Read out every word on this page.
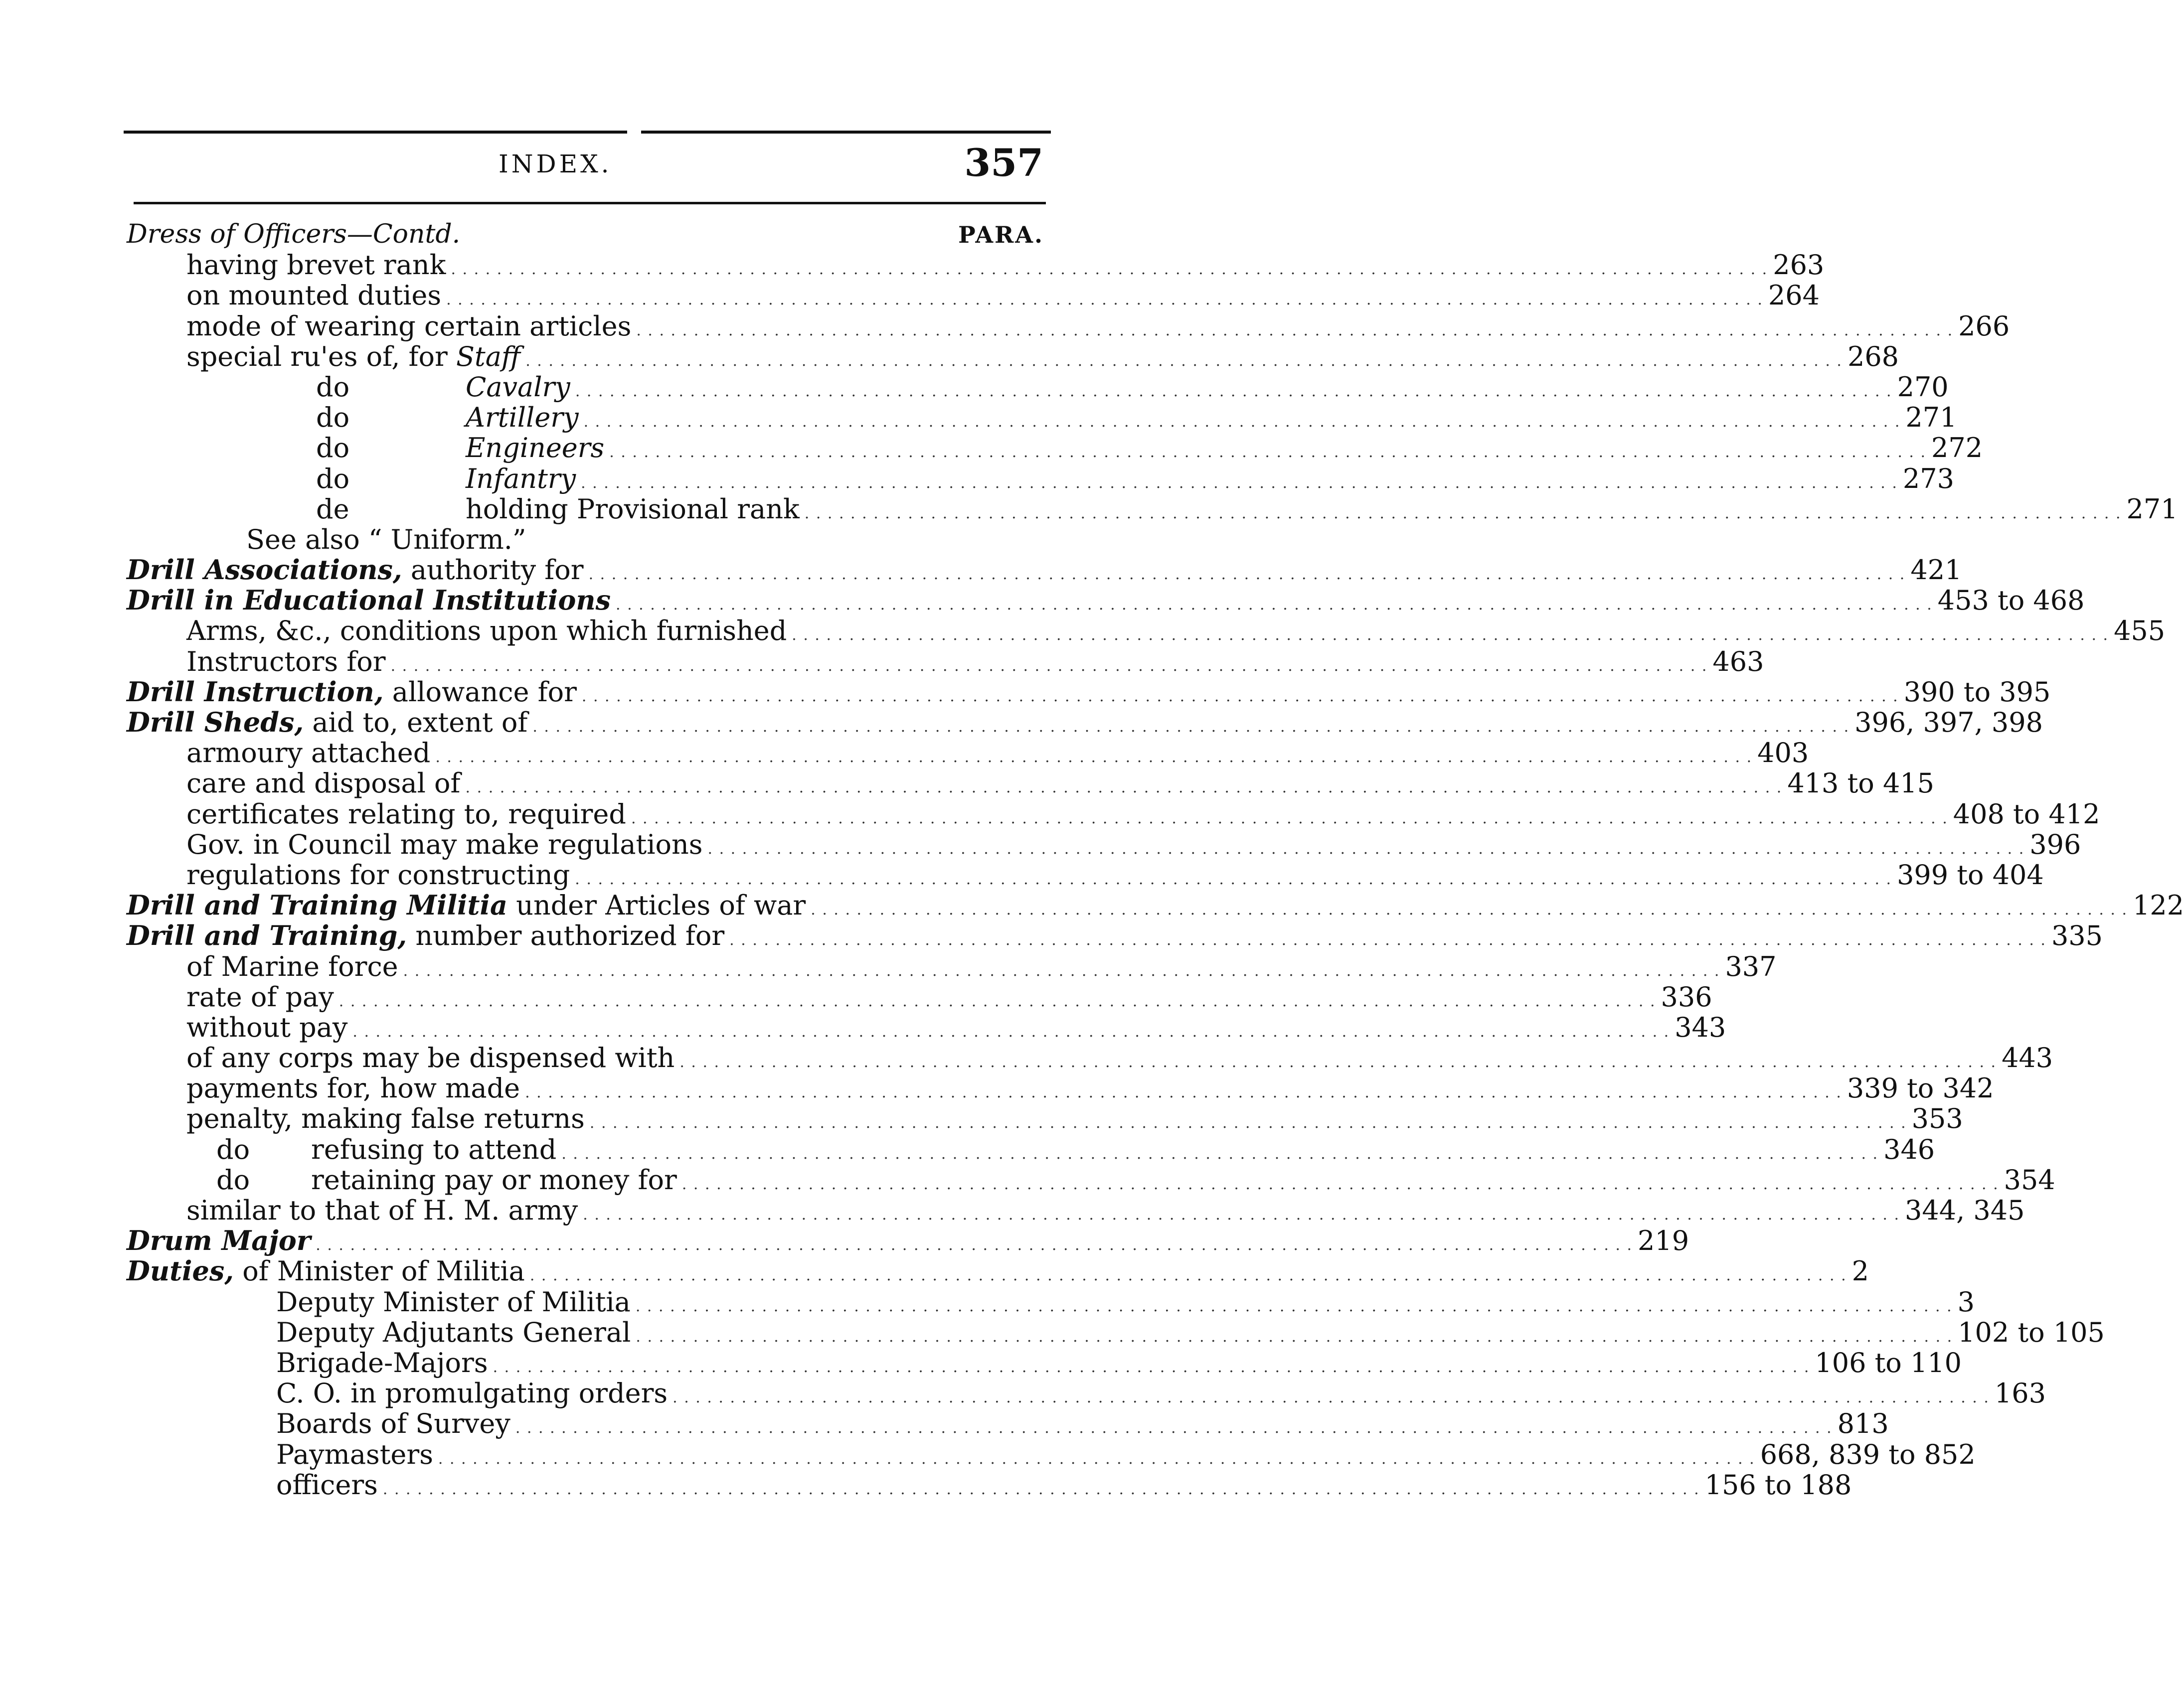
INDEX.	357
Dress of Officers—Contd.	PARA.
having brevet rank . . .	263
on mounted duties . . .	264
mode of wearing certain articles . . .	266
special ru'es of, for Staff . . .	268
do	Cavalry . . .	270
do	Artillery . . .	271
do	Engineers . . .	272
do	Infantry . . .	273
de	holding Provisional rank . . .	271
See also “ Uniform.”
Drill Associations, authority for . . .	421
Drill in Educational Institutions . . .	453 to 468
Arms, &c., conditions upon which furnished . . .	455
Instructors for . . .	463
Drill Instruction, allowance for . . .	390 to 395
Drill Sheds, aid to, extent of . . .	396, 397, 398
armoury attached . . .	403
care and disposal of . . .	413 to 415
certificates relating to, required . . .	408 to 412
Gov. in Council may make regulations . . .	396
regulations for constructing . . .	399 to 404
Drill and Training Militia under Articles of war . . .	122
Drill and Training, number authorized for . . .	335
of Marine force . . .	337
rate of pay . . .	336
without pay . . .	343
of any corps may be dispensed with . . .	443
payments for, how made . . .	339 to 342
penalty, making false returns . . .	353
do refusing to attend . . .	346
do retaining pay or money for . . .	354
similar to that of H. M. army . . .	344, 345
Drum Major . . .	219
Duties, of Minister of Militia . . .	2
Deputy Minister of Militia . . .	3
Deputy Adjutants General . . .	102 to 105
Brigade-Majors . . .	106 to 110
C. O. in promulgating orders . . .	163
Boards of Survey . . .	813
Paymasters . . .	668, 839 to 852
officers . . .	156 to 188
